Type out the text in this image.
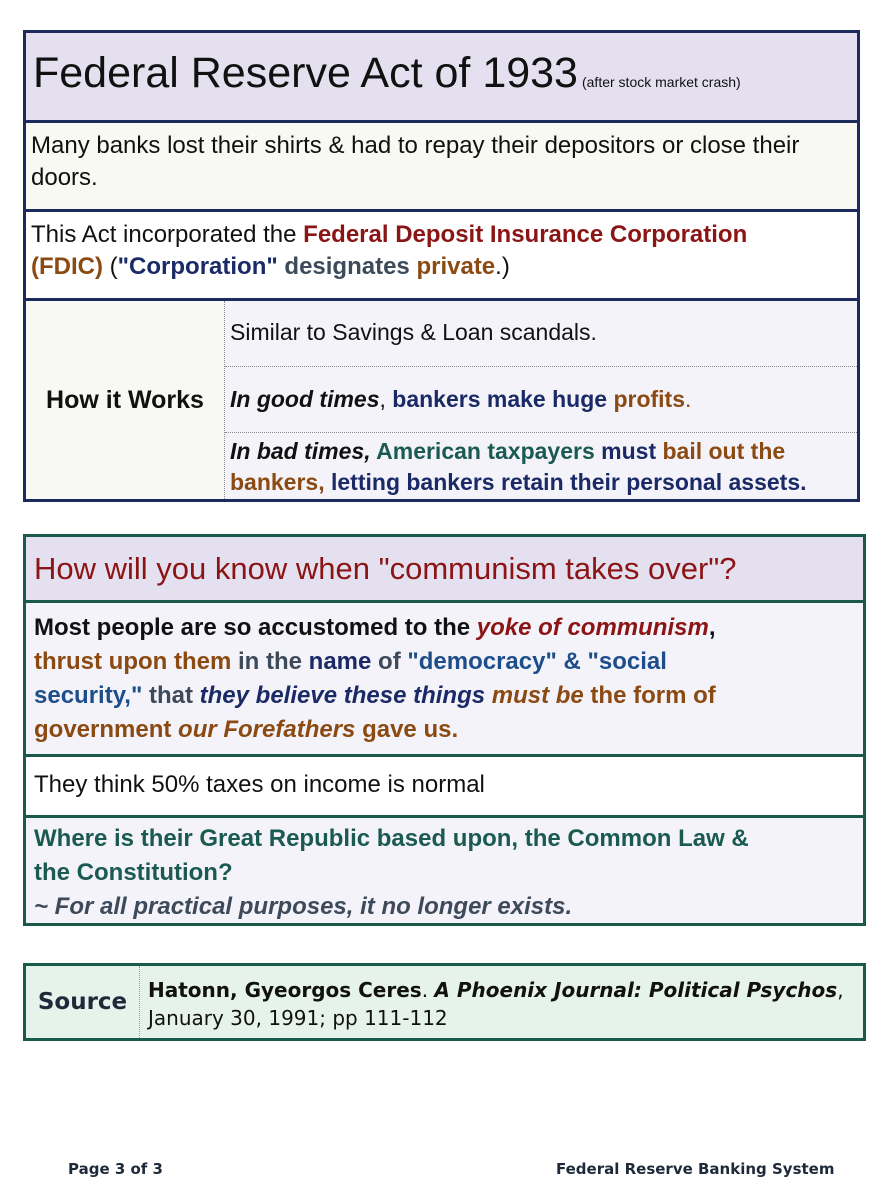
Federal Reserve Act of 1933 (after stock market crash)
Many banks lost their shirts & had to repay their depositors or close their doors.
This Act incorporated the Federal Deposit Insurance Corporation
(FDIC) ("Corporation" designates private.)
How it Works
Similar to Savings & Loan scandals.
In good times, bankers make huge profits.
In bad times, American taxpayers must bail out the
bankers, letting bankers retain their personal assets.
How will you know when "communism takes over"?
Most people are so accustomed to the yoke of communism,
thrust upon them in the name of "democracy" & "social
security," that they believe these things must be the form of
government our Forefathers gave us.
They think 50% taxes on income is normal
Where is their Great Republic based upon, the Common Law &
the Constitution?
~ For all practical purposes, it no longer exists.
Source Hatonn, Gyeorgos Ceres. A Phoenix Journal: Political Psychos,
January 30, 1991; pp 111-112
Page 3 of 3	Federal Reserve Banking System
